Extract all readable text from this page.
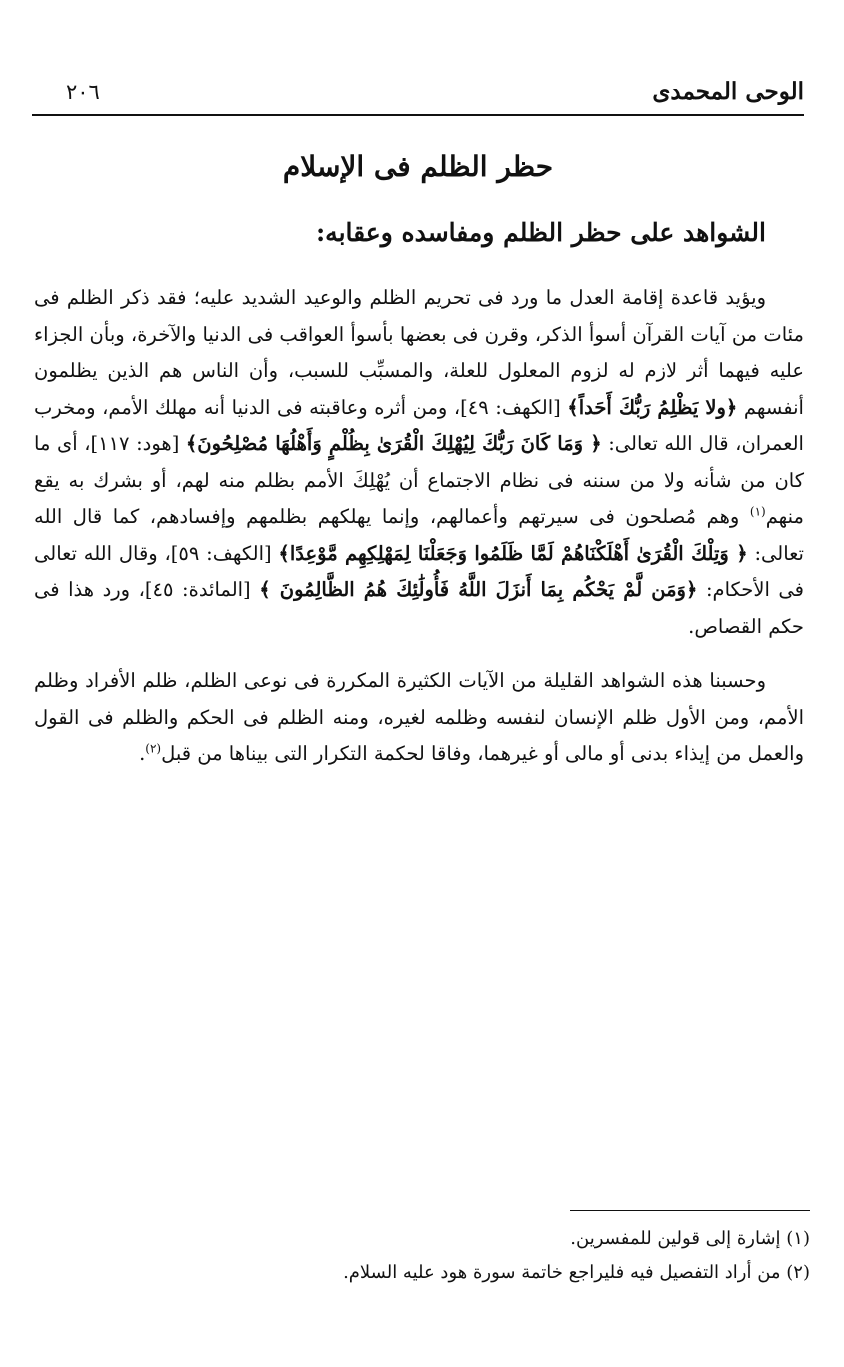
الوحى المحمدى
٢٠٦
حظر الظلم فى الإسلام
الشواهد على حظر الظلم ومفاسده وعقابه:

ويؤيد قاعدة إقامة العدل ما ورد فى تحريم الظلم والوعيد الشديد عليه؛ فقد ذكر الظلم فى مئات من آيات القرآن أسوأ الذكر، وقرن فى بعضها بأسوأ العواقب فى الدنيا والآخرة، وبأن الجزاء عليه فيهما أثر لازم له لزوم المعلول للعلة، والمسبِّب للسبب، وأن الناس هم الذين يظلمون أنفسهم ﴿ولا يَظْلِمُ رَبُّكَ أَحَداً﴾ [الكهف: ٤٩]، ومن أثره وعاقبته فى الدنيا أنه مهلك الأمم، ومخرب العمران، قال الله تعالى: ﴿ وَمَا كَانَ رَبُّكَ لِيُهْلِكَ الْقُرَىٰ بِظُلْمٍ وَأَهْلُهَا مُصْلِحُونَ﴾ [هود: ١١٧]، أى ما كان من شأنه ولا من سننه فى نظام الاجتماع أن يُهْلِكَ الأمم بظلم منه لهم، أو بشرك به يقع منهم$^{(١)}$ وهم مُصلحون فى سيرتهم وأعمالهم، وإنما يهلكهم بظلمهم وإفسادهم، كما قال الله تعالى: ﴿ وَتِلْكَ الْقُرَىٰ أَهْلَكْنَاهُمْ لَمَّا ظَلَمُوا وَجَعَلْنَا لِمَهْلِكِهِم مَّوْعِدًا﴾ [الكهف: ٥٩]، وقال الله تعالى فى الأحكام: ﴿وَمَن لَّمْ يَحْكُم بِمَا أَنزَلَ اللَّهُ فَأُولَٰئِكَ هُمُ الظَّالِمُونَ ﴾ [المائدة: ٤٥]، ورد هذا فى حكم القصاص.

وحسبنا هذه الشواهد القليلة من الآيات الكثيرة المكررة فى نوعى الظلم، ظلم الأفراد وظلم الأمم، ومن الأول ظلم الإنسان لنفسه وظلمه لغيره، ومنه الظلم فى الحكم والظلم فى القول والعمل من إيذاء بدنى أو مالى أو غيرهما، وفاقا لحكمة التكرار التى بيناها من قبل$^{(٢)}$.

(١) إشارة إلى قولين للمفسرين.

(٢) من أراد التفصيل فيه فليراجع خاتمة سورة هود عليه السلام.
